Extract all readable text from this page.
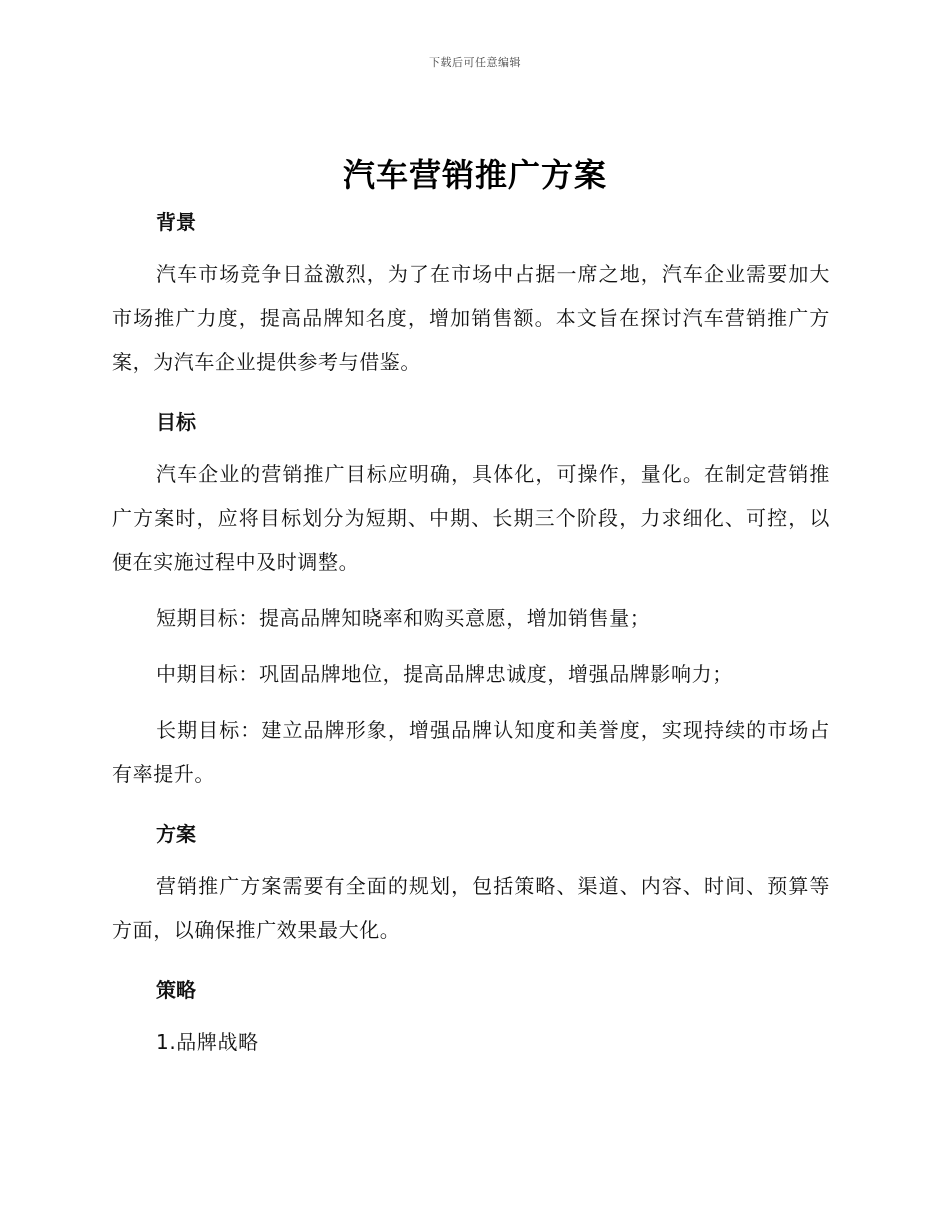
下载后可任意编辑
汽车营销推广方案
背景

汽车市场竞争日益激烈，为了在市场中占据一席之地，汽车企业需要加大市场推广力度，提高品牌知名度，增加销售额。本文旨在探讨汽车营销推广方案，为汽车企业提供参考与借鉴。

目标

汽车企业的营销推广目标应明确，具体化，可操作，量化。在制定营销推广方案时，应将目标划分为短期、中期、长期三个阶段，力求细化、可控，以便在实施过程中及时调整。

短期目标：提高品牌知晓率和购买意愿，增加销售量；

中期目标：巩固品牌地位，提高品牌忠诚度，增强品牌影响力；

长期目标：建立品牌形象，增强品牌认知度和美誉度，实现持续的市场占有率提升。

方案

营销推广方案需要有全面的规划，包括策略、渠道、内容、时间、预算等方面，以确保推广效果最大化。

策略

1.品牌战略
